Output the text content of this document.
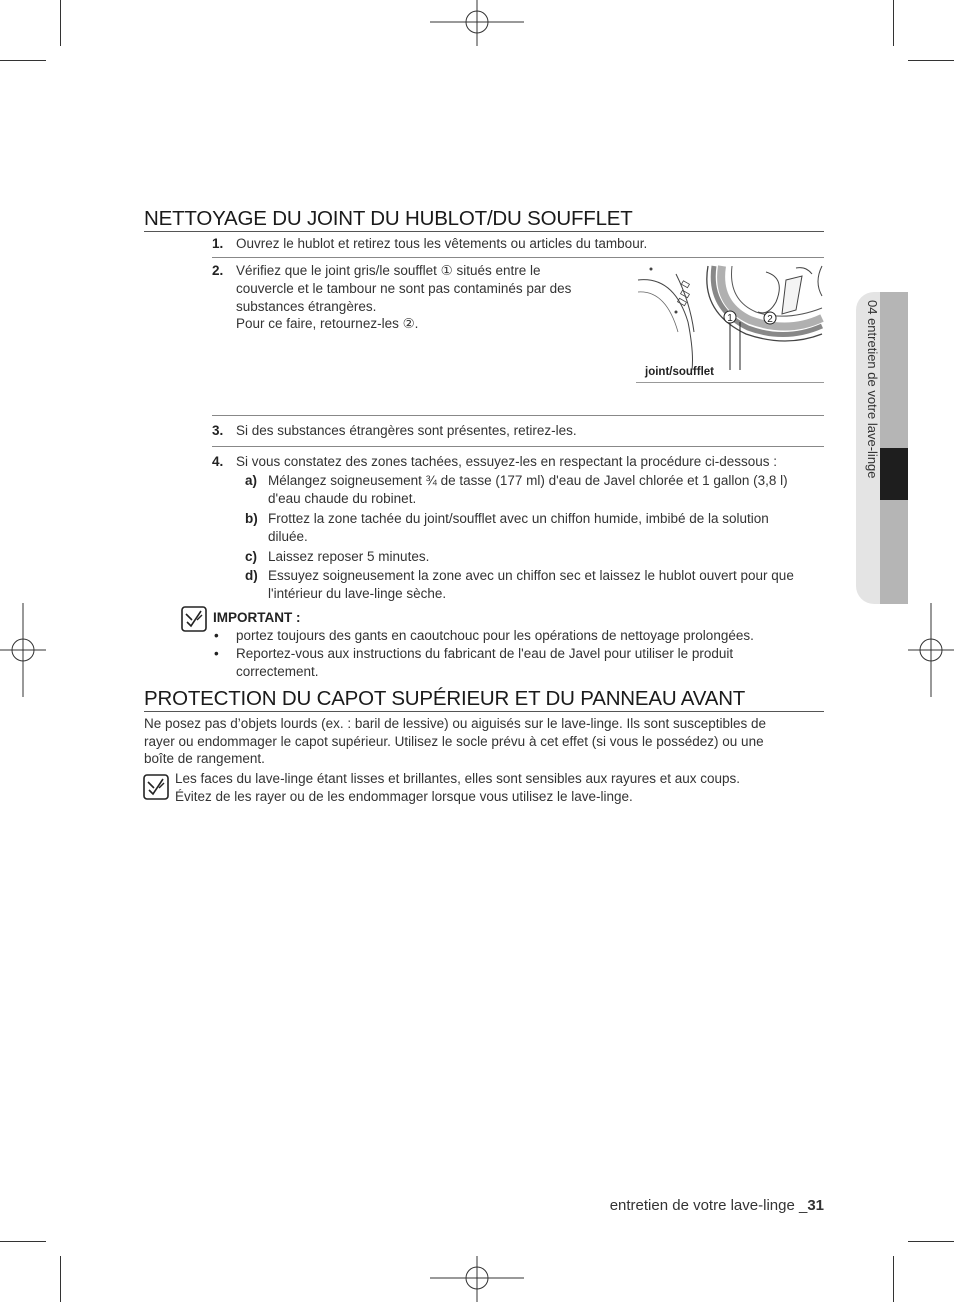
NETTOYAGE DU JOINT DU HUBLOT/DU SOUFFLET
1. Ouvrez le hublot et retirez tous les vêtements ou articles du tambour.
2. Vérifiez que le joint gris/le soufflet ① situés entre le
couvercle et le tambour ne sont pas contaminés par des
substances étrangères.
Pour ce faire, retournez-les ②.	1	2
joint/soufflet
3. Si des substances étrangères sont présentes, retirez-les.
4. Si vous constatez des zones tachées, essuyez-les en respectant la procédure ci-dessous :
a) Mélangez soigneusement ¾ de tasse (177 ml) d'eau de Javel chlorée et 1 gallon (3,8 l)
d'eau chaude du robinet.
b) Frottez la zone tachée du joint/soufflet avec un chiffon humide, imbibé de la solution
diluée.
c) Laissez reposer 5 minutes.
d) Essuyez soigneusement la zone avec un chiffon sec et laissez le hublot ouvert pour que
l'intérieur du lave-linge sèche.
IMPORTANT :
• portez toujours des gants en caoutchouc pour les opérations de nettoyage prolongées.
• Reportez-vous aux instructions du fabricant de l'eau de Javel pour utiliser le produit
correctement.
PROTECTION DU CAPOT SUPÉRIEUR ET DU PANNEAU AVANT
Ne posez pas d’objets lourds (ex. : baril de lessive) ou aiguisés sur le lave-linge. Ils sont susceptibles de
rayer ou endommager le capot supérieur. Utilisez le socle prévu à cet effet (si vous le possédez) ou une
boîte de rangement.
Les faces du lave-linge étant lisses et brillantes, elles sont sensibles aux rayures et aux coups.
Évitez de les rayer ou de les endommager lorsque vous utilisez le lave-linge.
04 entretien de votre lave-linge
entretien de votre lave-linge _31
